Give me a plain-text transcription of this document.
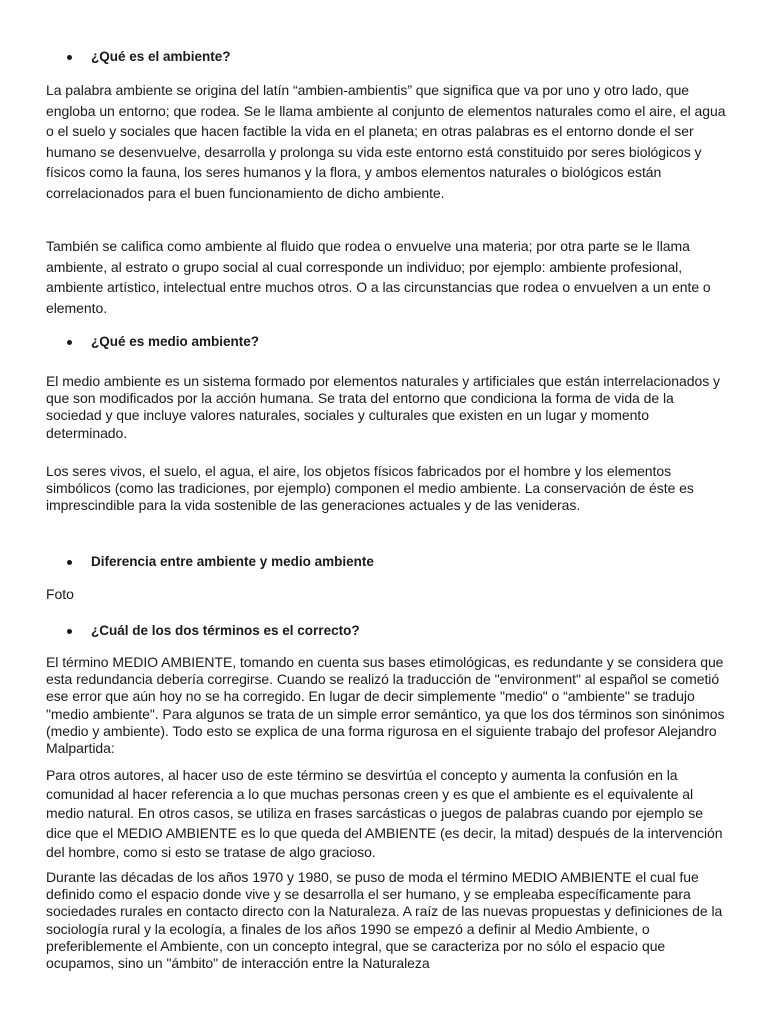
¿Qué es el ambiente?

La palabra ambiente se origina del latín “ambien-ambientis” que significa que va por uno y otro lado, que engloba un entorno; que rodea. Se le llama ambiente al conjunto de elementos naturales como el aire, el agua o el suelo y sociales que hacen factible la vida en el planeta; en otras palabras es el entorno donde el ser humano se desenvuelve, desarrolla y prolonga su vida este entorno está constituido por seres biológicos y físicos como la fauna, los seres humanos y la flora, y ambos elementos naturales o biológicos están correlacionados para el buen funcionamiento de dicho ambiente.

También se califica como ambiente al fluido que rodea o envuelve una materia; por otra parte se le llama ambiente, al estrato o grupo social al cual corresponde un individuo; por ejemplo: ambiente profesional, ambiente artístico, intelectual entre muchos otros. O a las circunstancias que rodea o envuelven a un ente o elemento.

¿Qué es medio ambiente?

El medio ambiente es un sistema formado por elementos naturales y artificiales que están interrelacionados y que son modificados por la acción humana. Se trata del entorno que condiciona la forma de vida de la sociedad y que incluye valores naturales, sociales y culturales que existen en un lugar y momento determinado.

Los seres vivos, el suelo, el agua, el aire, los objetos físicos fabricados por el hombre y los elementos simbólicos (como las tradiciones, por ejemplo) componen el medio ambiente. La conservación de éste es imprescindible para la vida sostenible de las generaciones actuales y de las venideras.

Diferencia entre ambiente y medio ambiente

Foto

¿Cuál de los dos términos es el correcto?

El término MEDIO AMBIENTE, tomando en cuenta sus bases etimológicas, es redundante y se considera que esta redundancia debería corregirse. Cuando se realizó la traducción de "environment" al español se cometió ese error que aún hoy no se ha corregido. En lugar de decir simplemente "medio" o “ambiente" se tradujo "medio ambiente". Para algunos se trata de un simple error semántico, ya que los dos términos son sinónimos (medio y ambiente). Todo esto se explica de una forma rigurosa en el siguiente trabajo del profesor Alejandro Malpartida:

Para otros autores, al hacer uso de este término se desvirtúa el concepto y aumenta la confusión en la comunidad al hacer referencia a lo que muchas personas creen y es que el ambiente es el equivalente al medio natural. En otros casos, se utiliza en frases sarcásticas o juegos de palabras cuando por ejemplo se dice que el MEDIO AMBIENTE es lo que queda del AMBIENTE (es decir, la mitad) después de la intervención del hombre, como si esto se tratase de algo gracioso.

Durante las décadas de los años 1970 y 1980, se puso de moda el término MEDIO AMBIENTE el cual fue definido como el espacio donde vive y se desarrolla el ser humano, y se empleaba específicamente para sociedades rurales en contacto directo con la Naturaleza. A raíz de las nuevas propuestas y definiciones de la sociología rural y la ecología, a finales de los años 1990 se empezó a definir al Medio Ambiente, o preferiblemente el Ambiente, con un concepto integral, que se caracteriza por no sólo el espacio que ocupamos, sino un "ámbito" de interacción entre la Naturaleza
